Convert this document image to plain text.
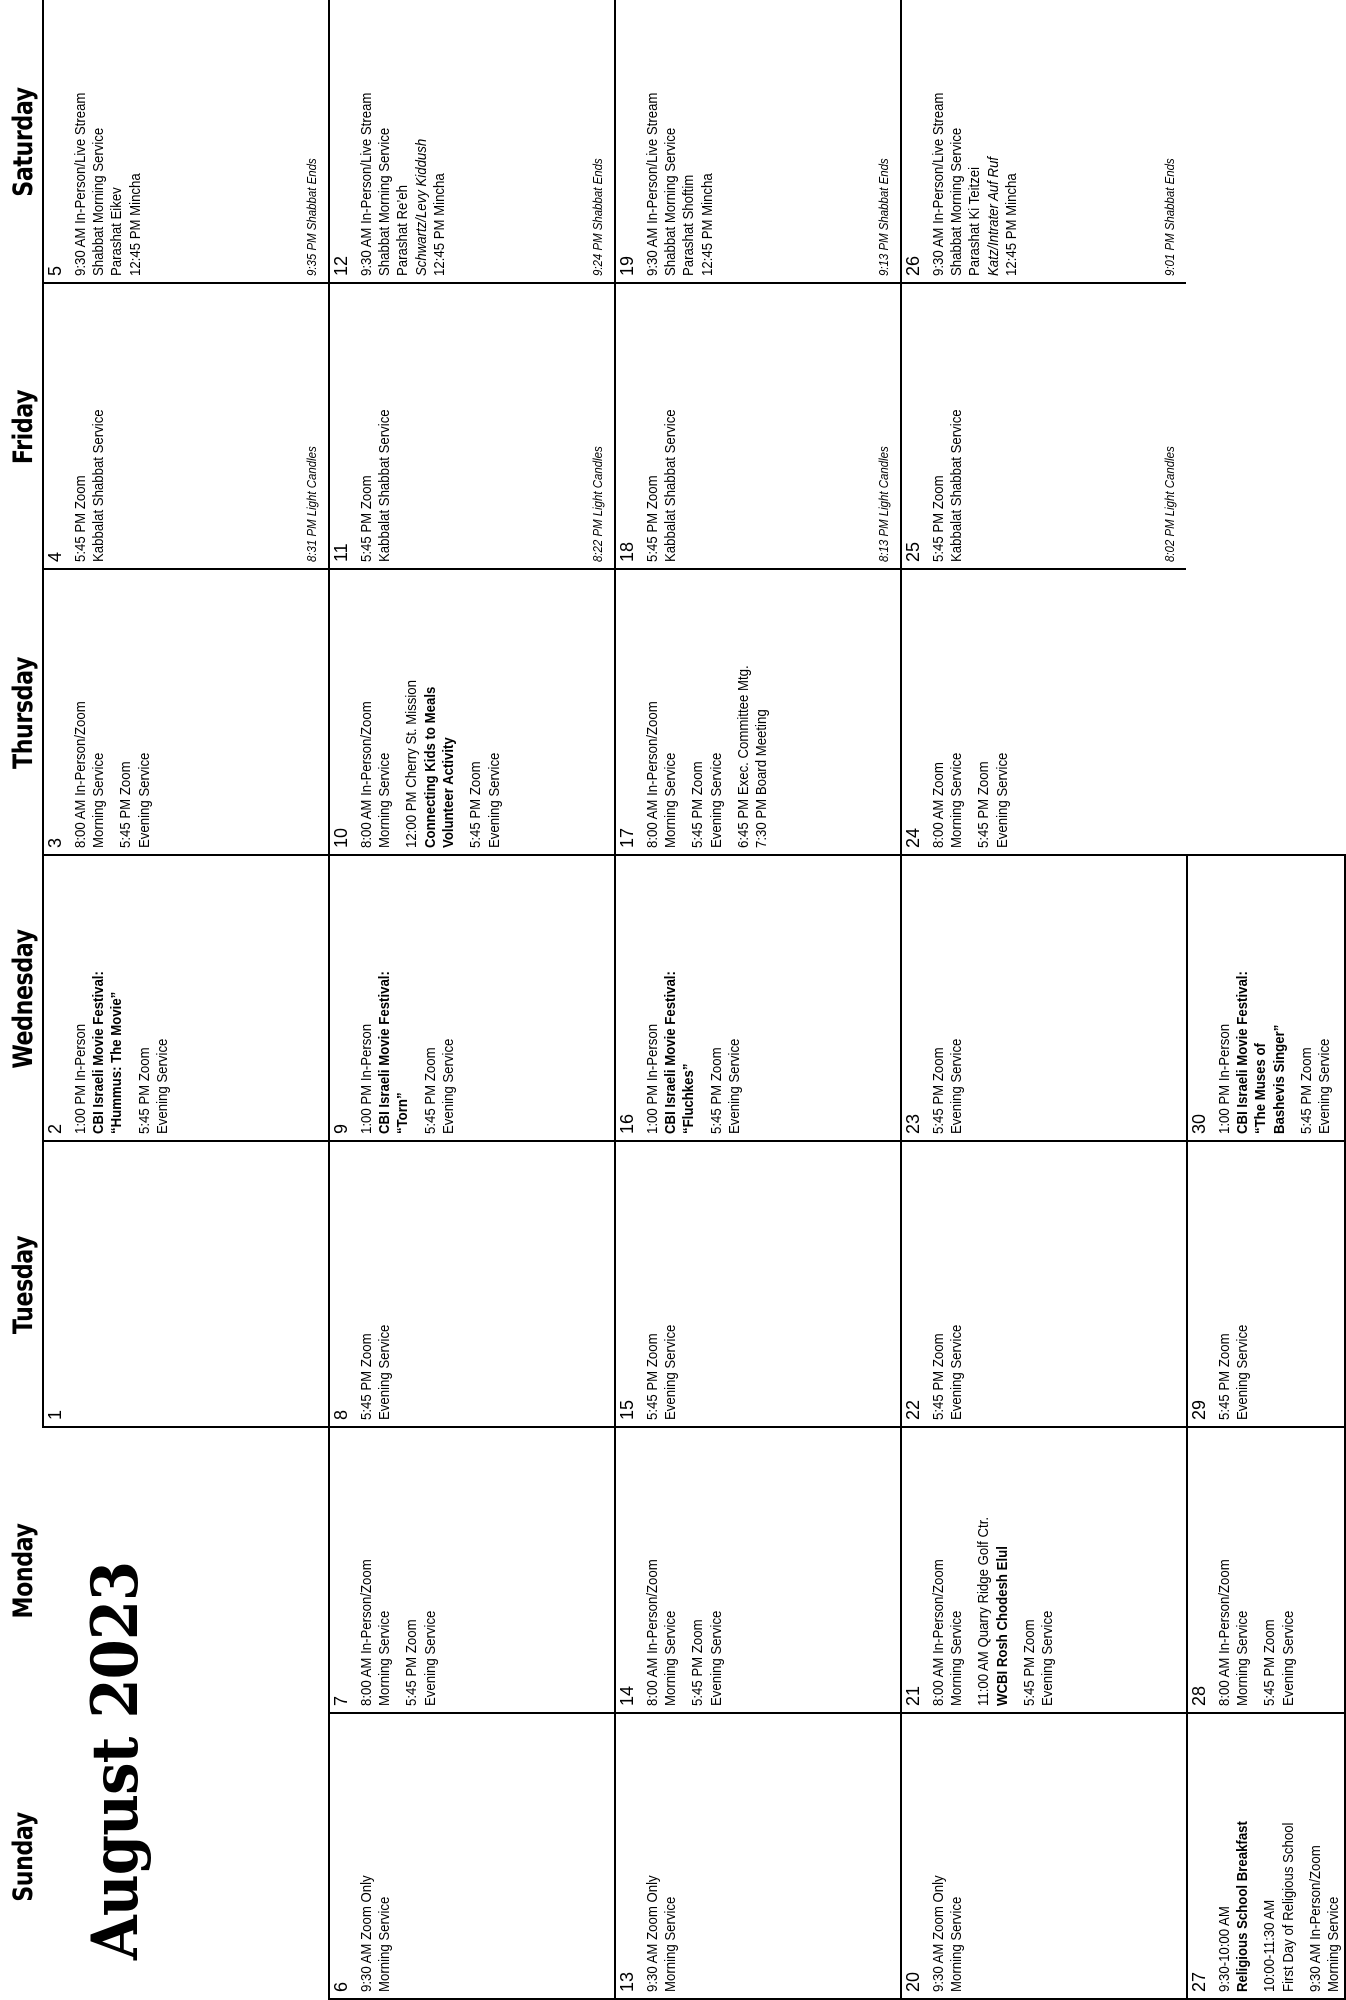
August 2023
Sunday
Monday
Tuesday
Wednesday
Thursday
Friday
Saturday
1
2 1:00 PM In-Person CBI Israeli Movie Festival: “Hummus: The Movie” 5:45 PM Zoom Evening Service
3 8:00 AM In-Person/Zoom Morning Service 5:45 PM Zoom Evening Service
4 5:45 PM Zoom Kabbalat Shabbat Service	8:31 PM Light Candles
5 9:30 AM In-Person/Live Stream Shabbat Morning Service Parashat Eikev 12:45 PM Mincha	9:35 PM Shabbat Ends
6 9:30 AM Zoom Only Morning Service
7 8:00 AM In-Person/Zoom Morning Service 5:45 PM Zoom Evening Service
8 5:45 PM Zoom Evening Service
9 1:00 PM In-Person CBI Israeli Movie Festival: “Torn” 5:45 PM Zoom Evening Service
10 8:00 AM In-Person/Zoom Morning Service 12:00 PM Cherry St. Mission Connecting Kids to Meals Volunteer Activity 5:45 PM Zoom Evening Service
11 5:45 PM Zoom Kabbalat Shabbat Service	8:22 PM Light Candles
12 9:30 AM In-Person/Live Stream Shabbat Morning Service Parashat Re’eh Schwartz/Levy Kiddush 12:45 PM Mincha	9:24 PM Shabbat Ends
13 9:30 AM Zoom Only Morning Service
14 8:00 AM In-Person/Zoom Morning Service 5:45 PM Zoom Evening Service
15 5:45 PM Zoom Evening Service
16 1:00 PM In-Person CBI Israeli Movie Festival: “Fluchkes” 5:45 PM Zoom Evening Service
17 8:00 AM In-Person/Zoom Morning Service 5:45 PM Zoom Evening Service 6:45 PM Exec. Committee Mtg. 7:30 PM Board Meeting
18 5:45 PM Zoom Kabbalat Shabbat Service	8:13 PM Light Candles
19 9:30 AM In-Person/Live Stream Shabbat Morning Service Parashat Shoftim 12:45 PM Mincha	9:13 PM Shabbat Ends
20 9:30 AM Zoom Only Morning Service
21 8:00 AM In-Person/Zoom Morning Service 11:00 AM Quarry Ridge Golf Ctr. WCBI Rosh Chodesh Elul 5:45 PM Zoom Evening Service
22 5:45 PM Zoom Evening Service
23 5:45 PM Zoom Evening Service
24 8:00 AM Zoom Morning Service 5:45 PM Zoom Evening Service
25 5:45 PM Zoom Kabbalat Shabbat Service	8:02 PM Light Candles
26 9:30 AM In-Person/Live Stream Shabbat Morning Service Parashat Ki Teitzei Katz/Intrater Auf Ruf 12:45 PM Mincha	9:01 PM Shabbat Ends
27 9:30-10:00 AM Religious School Breakfast 10:00-11:30 AM First Day of Religious School 9:30 AM In-Person/Zoom Morning Service
28 8:00 AM In-Person/Zoom Morning Service 5:45 PM Zoom Evening Service
29 5:45 PM Zoom Evening Service
30 1:00 PM In-Person CBI Israeli Movie Festival: “The Muses of Bashevis Singer” 5:45 PM Zoom Evening Service
